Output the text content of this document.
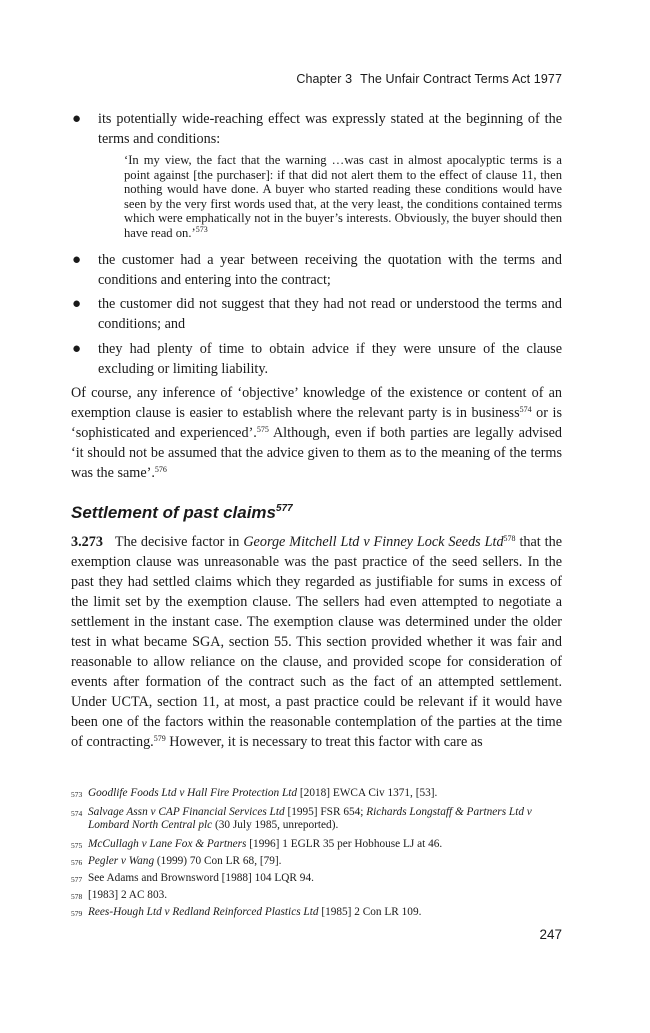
Chapter 3 The Unfair Contract Terms Act 1977
● its potentially wide-reaching effect was expressly stated at the beginning of the terms and conditions:
‘In my view, the fact that the warning …was cast in almost apocalyptic terms is a point against [the purchaser]: if that did not alert them to the effect of clause 11, then nothing would have done. A buyer who started reading these conditions would have seen by the very first words used that, at the very least, the conditions contained terms which were emphatically not in the buyer’s interests. Obviously, the buyer should then have read on.’$^{573}$
● the customer had a year between receiving the quotation with the terms and conditions and entering into the contract;
● the customer did not suggest that they had not read or understood the terms and conditions; and
● they had plenty of time to obtain advice if they were unsure of the clause excluding or limiting liability.
Of course, any inference of ‘objective’ knowledge of the existence or content of an exemption clause is easier to establish where the relevant party is in business$^{574}$ or is ‘sophisticated and experienced’.$^{575}$ Although, even if both parties are legally advised ‘it should not be assumed that the advice given to them as to the meaning of the terms was the same’.$^{576}$
Settlement of past claims$^{577}$
3.273 The decisive factor in George Mitchell Ltd v Finney Lock Seeds Ltd$^{578}$ that the exemption clause was unreasonable was the past practice of the seed sellers. In the past they had settled claims which they regarded as justifiable for sums in excess of the limit set by the exemption clause. The sellers had even attempted to negotiate a settlement in the instant case. The exemption clause was determined under the older test in what became SGA, section 55. This section provided whether it was fair and reasonable to allow reliance on the clause, and provided scope for consideration of events after formation of the contract such as the fact of an attempted settlement. Under UCTA, section 11, at most, a past practice could be relevant if it would have been one of the factors within the reasonable contemplation of the parties at the time of contracting.$^{579}$ However, it is necessary to treat this factor with care as
573 Goodlife Foods Ltd v Hall Fire Protection Ltd [2018] EWCA Civ 1371, [53].
574 Salvage Assn v CAP Financial Services Ltd [1995] FSR 654; Richards Longstaff & Partners Ltd v Lombard North Central plc (30 July 1985, unreported).
575 McCullagh v Lane Fox & Partners [1996] 1 EGLR 35 per Hobhouse LJ at 46.
576 Pegler v Wang (1999) 70 Con LR 68, [79].
577 See Adams and Brownsword [1988] 104 LQR 94.
578 [1983] 2 AC 803.
579 Rees-Hough Ltd v Redland Reinforced Plastics Ltd [1985] 2 Con LR 109.
247
